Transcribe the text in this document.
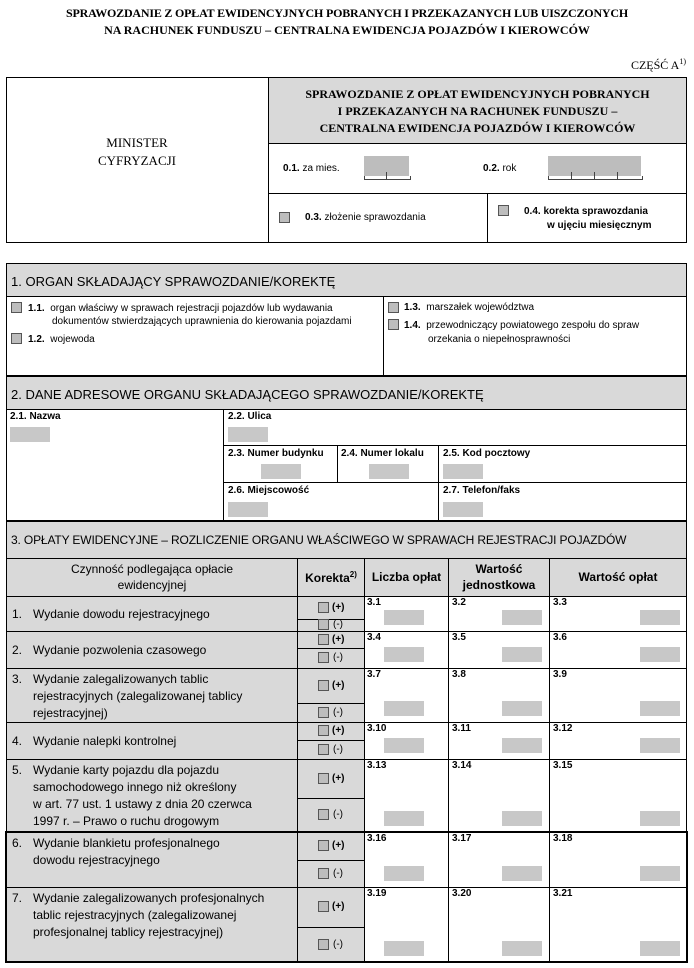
SPRAWOZDANIE Z OPŁAT EWIDENCYJNYCH POBRANYCH I PRZEKAZANYCH LUB UISZCZONYCH
NA RACHUNEK FUNDUSZU – CENTRALNA EWIDENCJA POJAZDÓW I KIEROWCÓW
CZĘŚĆ $A^{1)}$
MINISTER
CYFRYZACJI
SPRAWOZDANIE Z OPŁAT EWIDENCYJNYCH POBRANYCH
I PRZEKAZANYCH NA RACHUNEK FUNDUSZU –
CENTRALNA EWIDENCJA POJAZDÓW I KIEROWCÓW
0.1. za mies.	0.2. rok
0.3. złożenie sprawozdania
0.4. korekta sprawozdania
w ujęciu miesięcznym
1. ORGAN SKŁADAJĄCY SPRAWOZDANIE/KOREKTĘ
1.1. organ właściwy w sprawach rejestracji pojazdów lub wydawania
dokumentów stwierdzających uprawnienia do kierowania pojazdami
1.2. wojewoda
1.3. marszałek województwa
1.4. przewodniczący powiatowego zespołu do spraw
orzekania o niepełnosprawności
2. DANE ADRESOWE ORGANU SKŁADAJĄCEGO SPRAWOZDANIE/KOREKTĘ
2.1. Nazwa	2.2. Ulica
2.3. Numer budynku 2.4. Numer lokalu 2.5. Kod pocztowy
2.6. Miejscowość	2.7. Telefon/faks
3. OPŁATY EWIDENCYJNE – ROZLICZENIE ORGANU WŁAŚCIWEGO W SPRAWACH REJESTRACJI POJAZDÓW
Czynność podlegająca opłacie
ewidencyjnej	Korekta$^{2)}$	Liczba opłat
Wartość
jednostkowa
Wartość opłat
1. Wydanie dowodu rejestracyjnego	(+)
(-)
3.1	3.2	3.3
2. Wydanie pozwolenia czasowego
(+)
(-)
3.4	3.5	3.6
3. Wydanie zalegalizowanych tablic
rejestracyjnych (zalegalizowanej tablicy
rejestracyjnej)
(+)
(-)
3.7	3.8	3.9
4. Wydanie nalepki kontrolnej
(+)
(-)
3.10	3.11	3.12
5. Wydanie karty pojazdu dla pojazdu
samochodowego innego niż określony
w art. 77 ust. 1 ustawy z dnia 20 czerwca
1997 r. – Prawo o ruchu drogowym
(+)
(-)
3.13	3.14	3.15
6. Wydanie blankietu profesjonalnego
dowodu rejestracyjnego
(+)
(-)
3.16	3.17	3.18
7. Wydanie zalegalizowanych profesjonalnych
tablic rejestracyjnych (zalegalizowanej
profesjonalnej tablicy rejestracyjnej)
(+)
(-)
3.19	3.20	3.21
